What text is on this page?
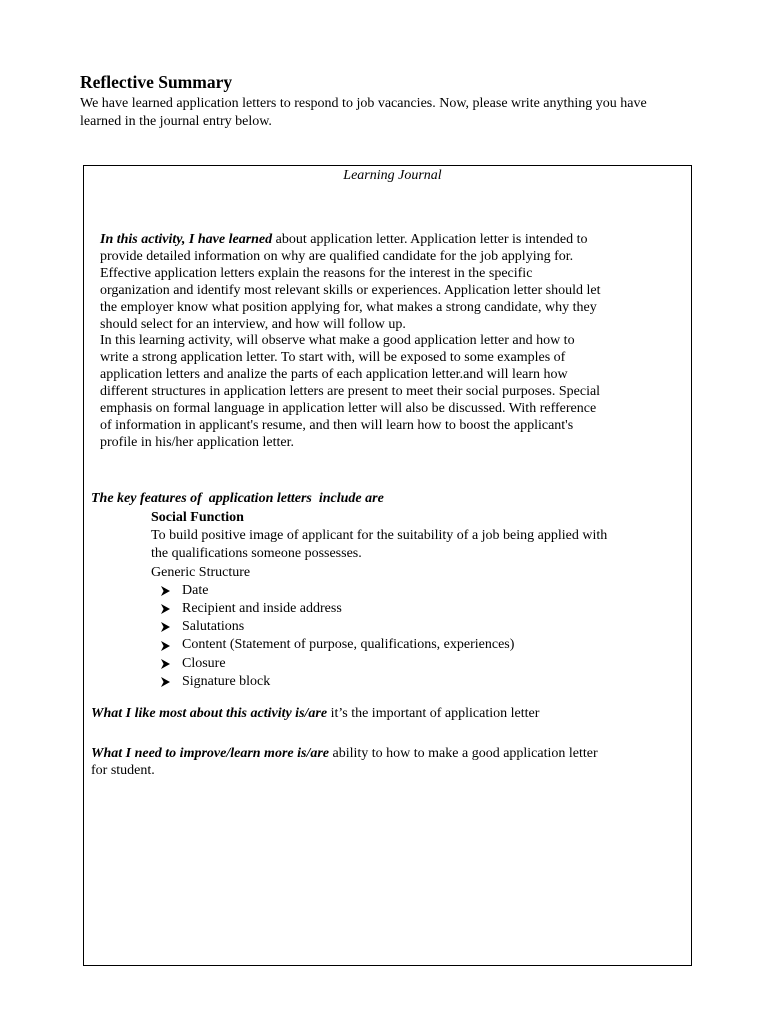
Reflective Summary
We have learned application letters to respond to job vacancies. Now, please write anything you have
learned in the journal entry below.
Learning Journal
In this activity, I have learned about application letter. Application letter is intended to
provide detailed information on why are qualified candidate for the job applying for.
Effective application letters explain the reasons for the interest in the specific
organization and identify most relevant skills or experiences. Application letter should let
the employer know what position applying for, what makes a strong candidate, why they
should select for an interview, and how will follow up.
In this learning activity, will observe what make a good application letter and how to
write a strong application letter. To start with, will be exposed to some examples of
application letters and analize the parts of each application letter.and will learn how
different structures in application letters are present to meet their social purposes. Special
emphasis on formal language in application letter will also be discussed. With refference
of information in applicant's resume, and then will learn how to boost the applicant's
profile in his/her application letter.
The key features of  application letters  include are
Social Function
To build positive image of applicant for the suitability of a job being applied with
the qualifications someone possesses.
Generic Structure
Date
Recipient and inside address
Salutations
Content (Statement of purpose, qualifications, experiences)
Closure
Signature block
What I like most about this activity is/are it’s the important of application letter
What I need to improve/learn more is/are ability to how to make a good application letter
for student.
